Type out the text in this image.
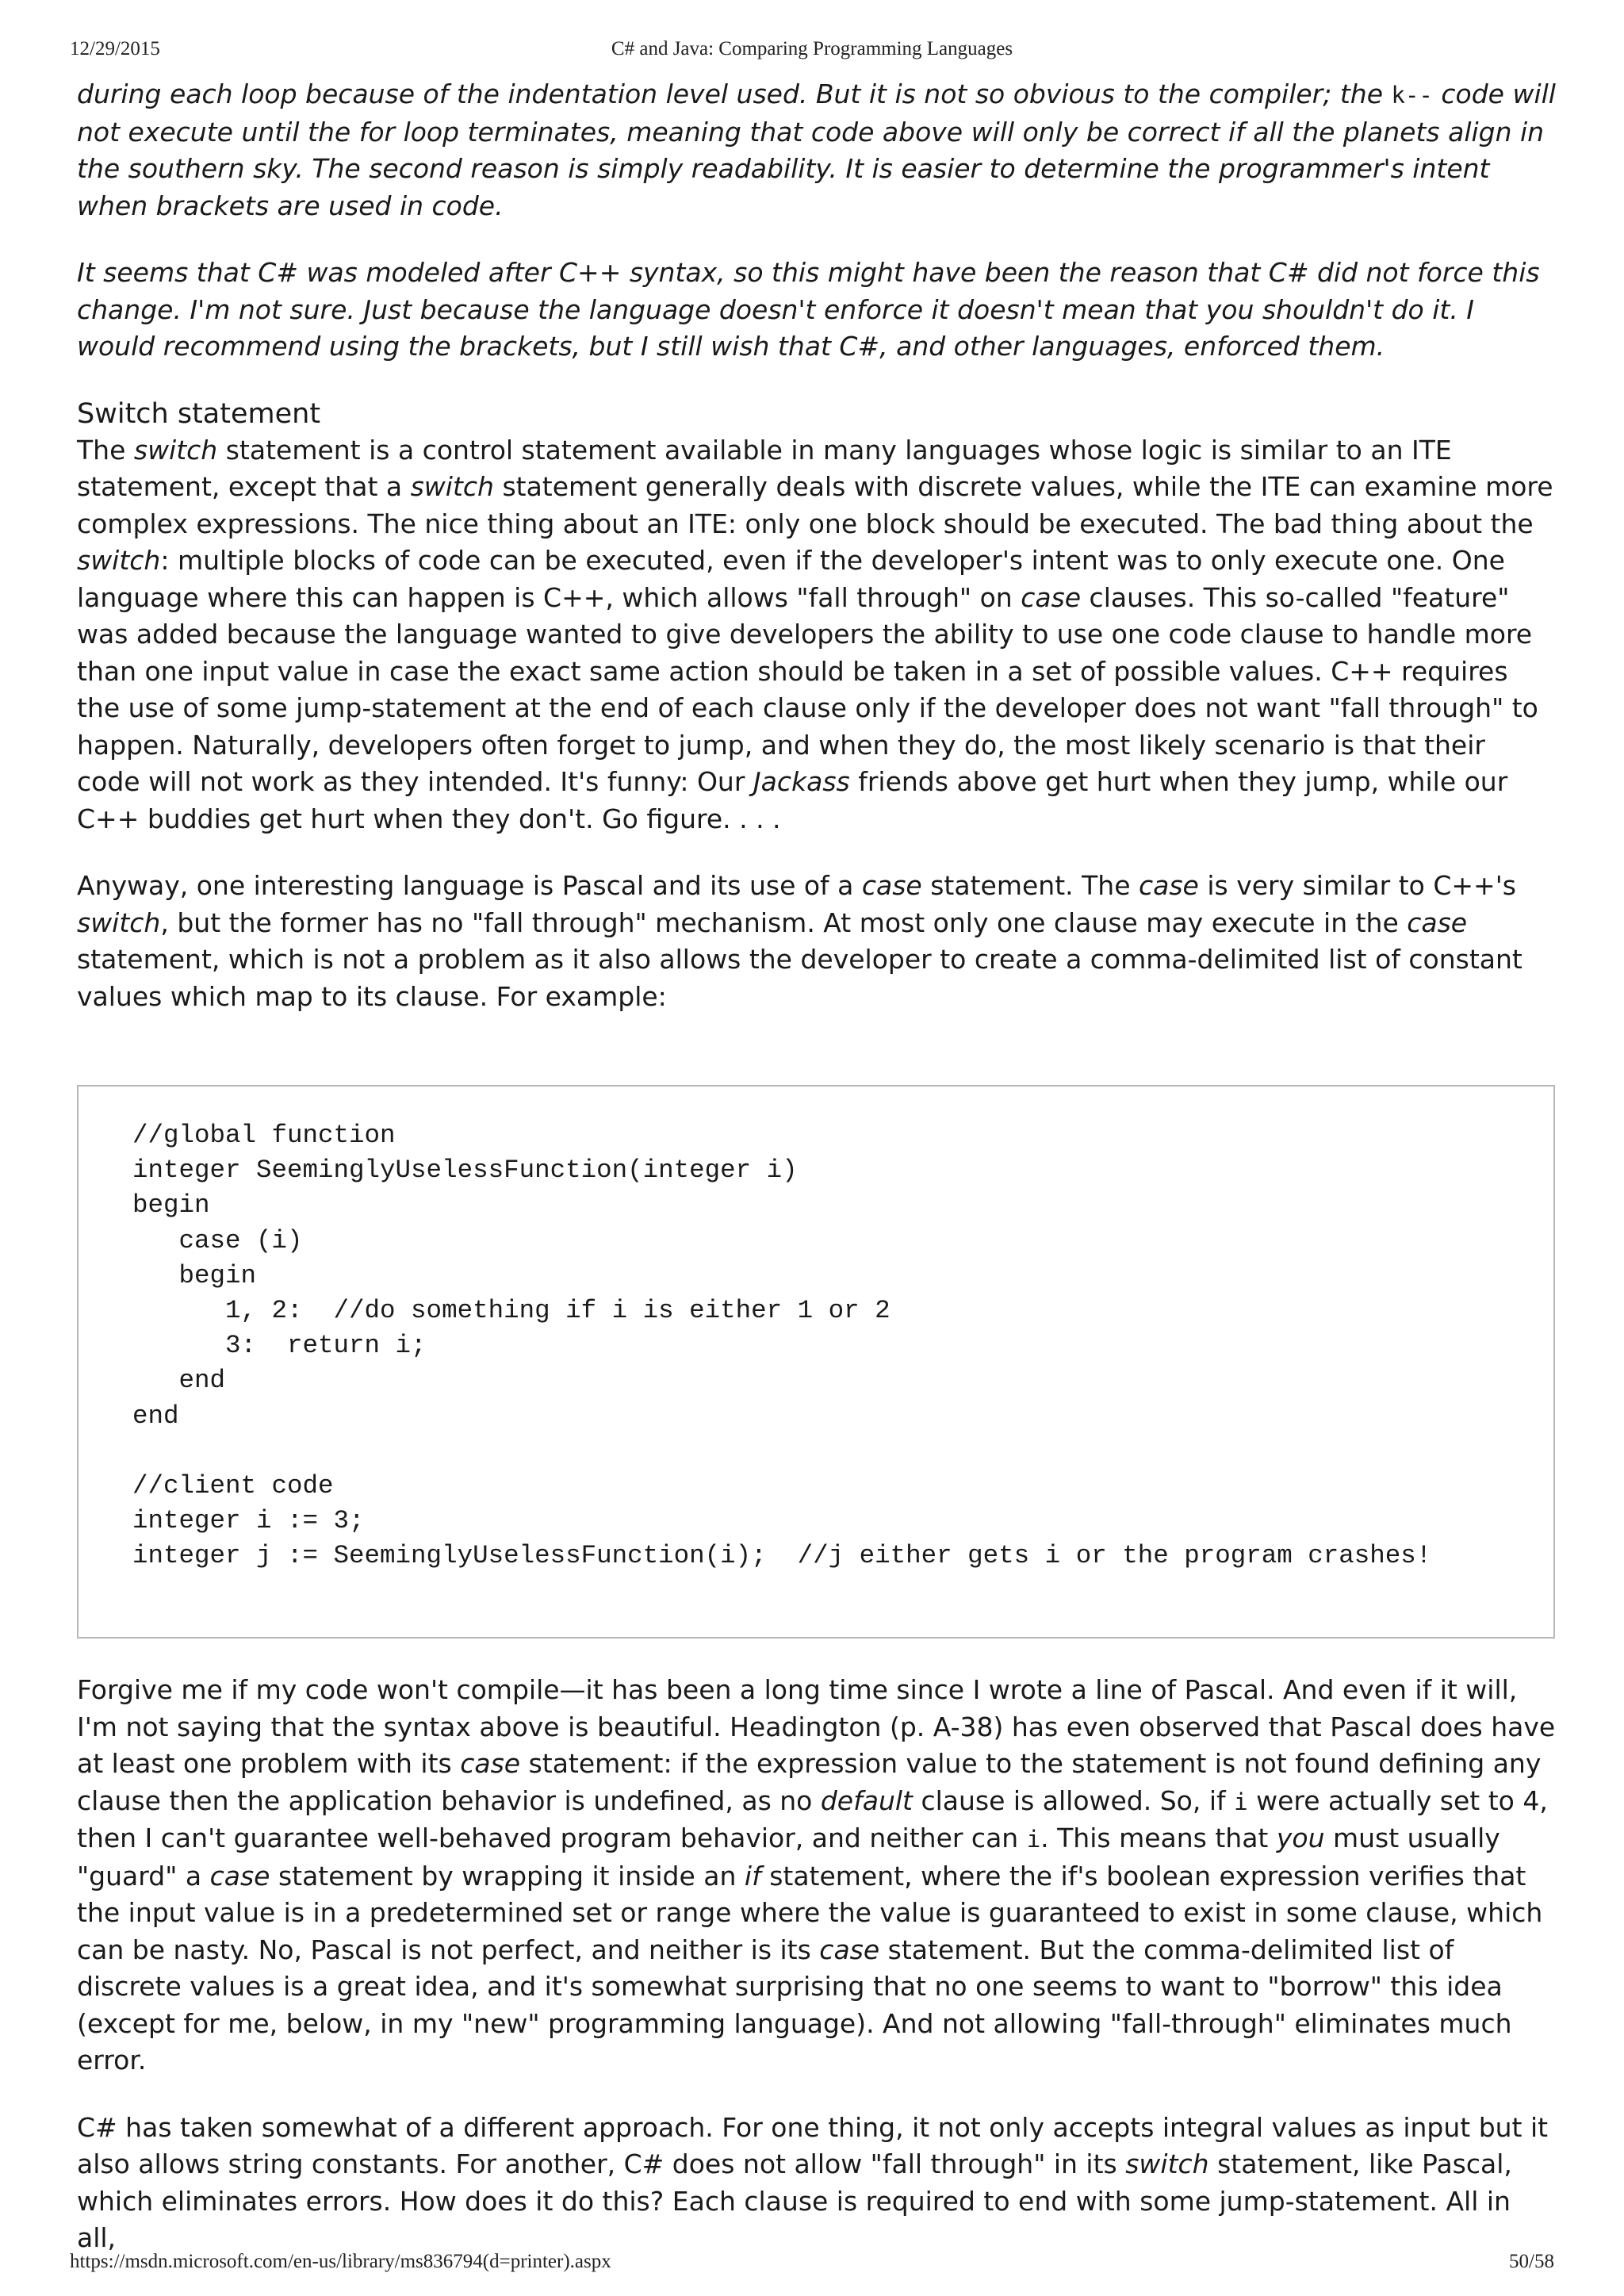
12/29/2015	C# and Java: Comparing Programming Languages

during each loop because of the indentation level used. But it is not so obvious to the compiler; the k-- code will not execute until the for loop terminates, meaning that code above will only be correct if all the planets align in the southern sky. The second reason is simply readability. It is easier to determine the programmer's intent when brackets are used in code.

It seems that C# was modeled after C++ syntax, so this might have been the reason that C# did not force this change. I'm not sure. Just because the language doesn't enforce it doesn't mean that you shouldn't do it. I would recommend using the brackets, but I still wish that C#, and other languages, enforced them.

Switch statement

The switch statement is a control statement available in many languages whose logic is similar to an ITE statement, except that a switch statement generally deals with discrete values, while the ITE can examine more complex expressions. The nice thing about an ITE: only one block should be executed. The bad thing about the switch: multiple blocks of code can be executed, even if the developer's intent was to only execute one. One language where this can happen is C++, which allows "fall through" on case clauses. This so-called "feature" was added because the language wanted to give developers the ability to use one code clause to handle more than one input value in case the exact same action should be taken in a set of possible values. C++ requires the use of some jump-statement at the end of each clause only if the developer does not want "fall through" to happen. Naturally, developers often forget to jump, and when they do, the most likely scenario is that their code will not work as they intended. It's funny: Our Jackass friends above get hurt when they jump, while our C++ buddies get hurt when they don't. Go figure. . . .

Anyway, one interesting language is Pascal and its use of a case statement. The case is very similar to C++'s switch, but the former has no "fall through" mechanism. At most only one clause may execute in the case statement, which is not a problem as it also allows the developer to create a comma-delimited list of constant values which map to its clause. For example:

//global function
integer SeeminglyUselessFunction(integer i)
begin
case (i)
begin
1, 2:  //do something if i is either 1 or 2
3:  return i;
end
end

//client code
integer i := 3;
integer j := SeeminglyUselessFunction(i);  //j either gets i or the program crashes!

Forgive me if my code won't compile—it has been a long time since I wrote a line of Pascal. And even if it will, I'm not saying that the syntax above is beautiful. Headington (p. A-38) has even observed that Pascal does have at least one problem with its case statement: if the expression value to the statement is not found defining any clause then the application behavior is undefined, as no default clause is allowed. So, if i were actually set to 4, then I can't guarantee well-behaved program behavior, and neither can i. This means that you must usually "guard" a case statement by wrapping it inside an if statement, where the if's boolean expression verifies that the input value is in a predetermined set or range where the value is guaranteed to exist in some clause, which can be nasty. No, Pascal is not perfect, and neither is its case statement. But the comma-delimited list of discrete values is a great idea, and it's somewhat surprising that no one seems to want to "borrow" this idea (except for me, below, in my "new" programming language). And not allowing "fall-through" eliminates much error.

C# has taken somewhat of a different approach. For one thing, it not only accepts integral values as input but it also allows string constants. For another, C# does not allow "fall through" in its switch statement, like Pascal, which eliminates errors. How does it do this? Each clause is required to end with some jump-statement. All in all,

https://msdn.microsoft.com/en-us/library/ms836794(d=printer).aspx	50/58
